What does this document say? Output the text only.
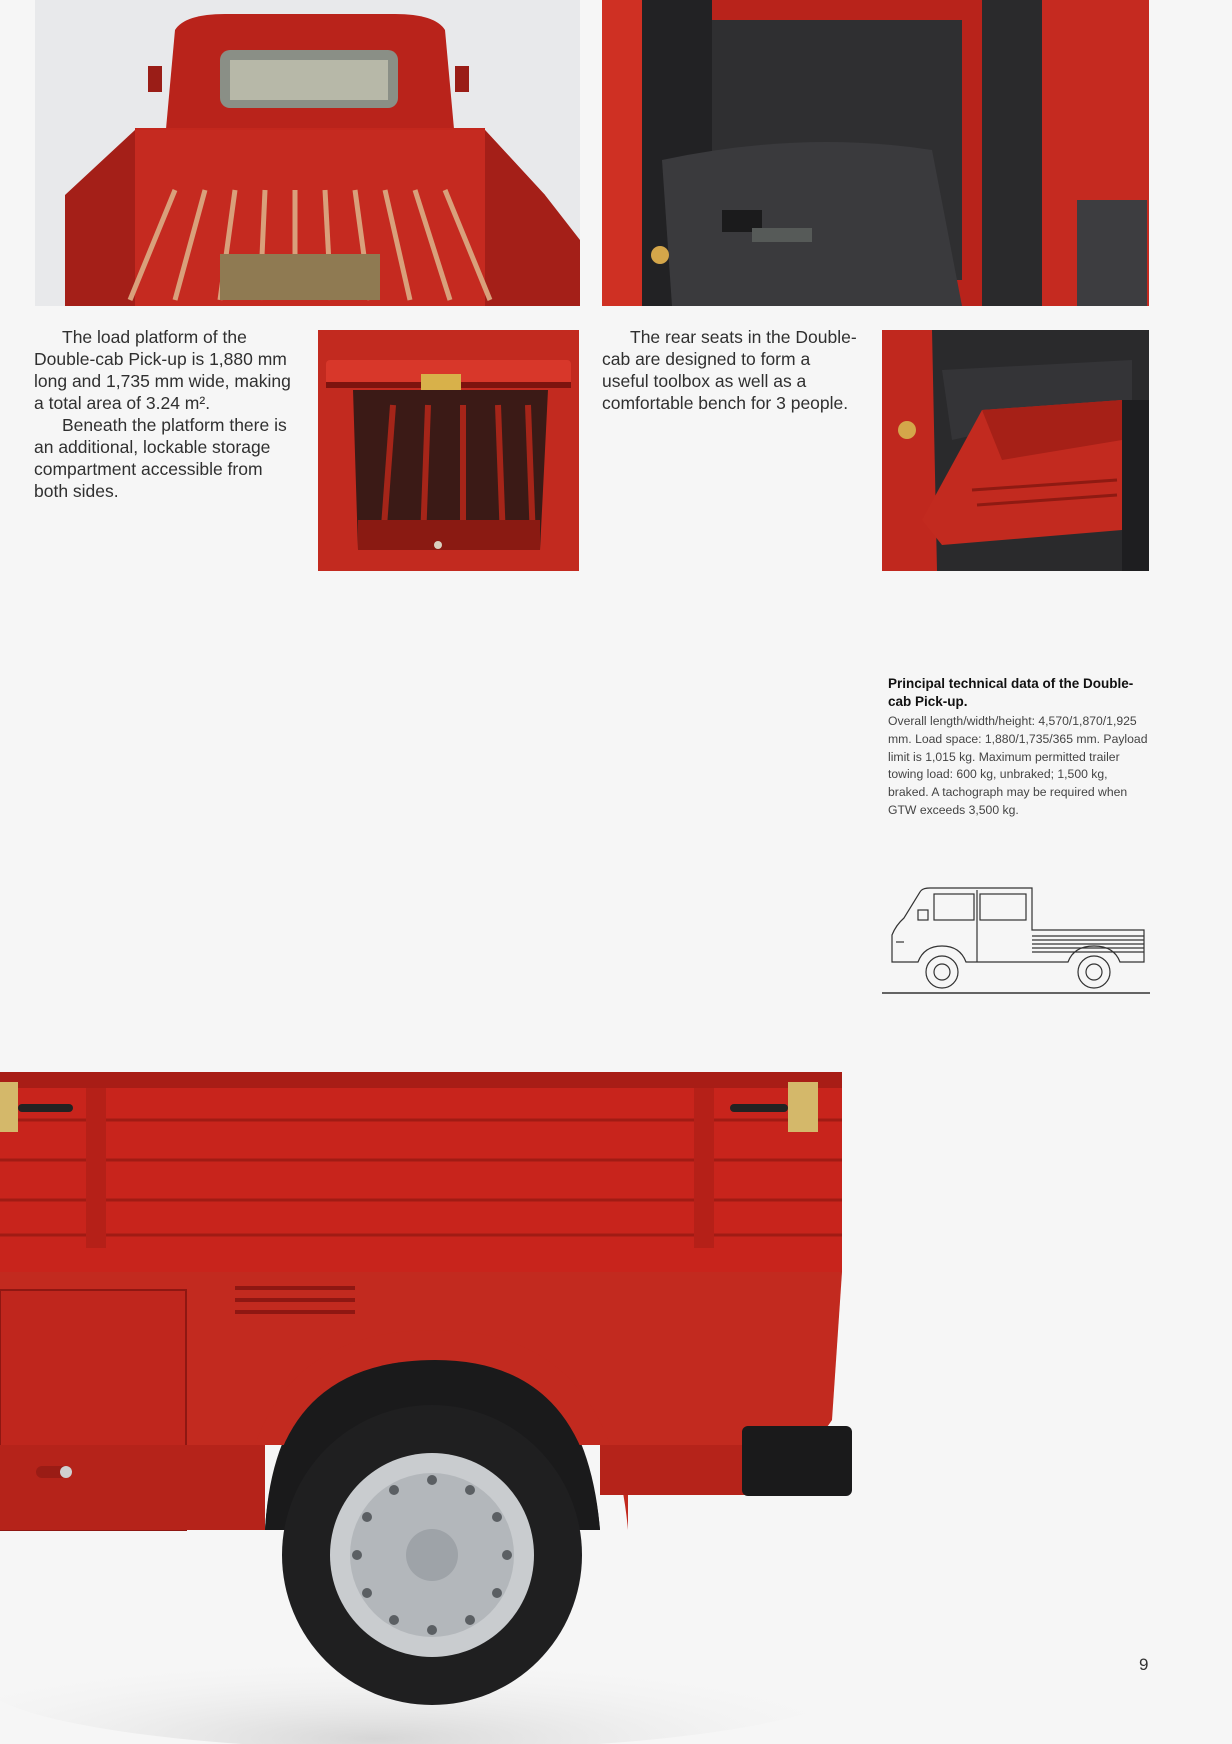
The load platform of the Double-cab Pick-up is 1,880 mm long and 1,735 mm wide, making a total area of 3.24 m².

Beneath the platform there is an additional, lockable storage compartment accessible from both sides.

The rear seats in the Double-cab are designed to form a useful toolbox as well as a comfortable bench for 3 people.

Principal technical data of the Double-cab Pick-up.
Overall length/width/height: 4,570/1,870/1,925 mm. Load space: 1,880/1,735/365 mm. Payload limit is 1,015 kg. Maximum permitted trailer towing load: 600 kg, unbraked; 1,500 kg, braked. A tachograph may be required when GTW exceeds 3,500 kg.
9
